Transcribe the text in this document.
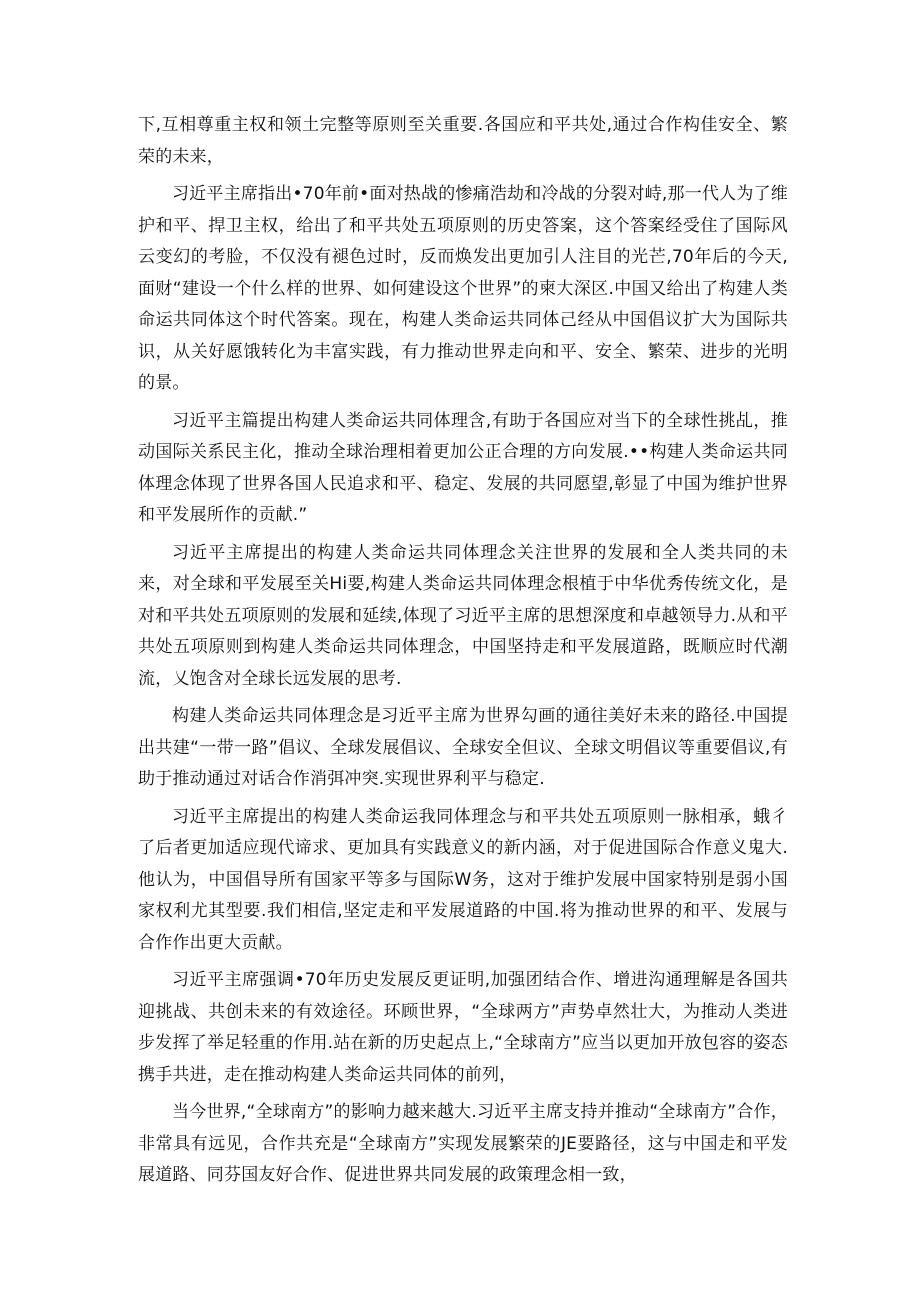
下,互相尊重主权和领土完整等原则至关重要.各国应和平共处,通过合作构佳安全、繁荣的未来，

习近平主席指出•70年前•面对热战的惨痛浩劫和冷战的分裂对峙,那一代人为了维护和平、捍卫主权，给出了和平共处五项原则的历史答案，这个答案经受住了国际风云变幻的考脸，不仅没有褪色过时，反而焕发出更加引人注目的光芒,70年后的今天,面财“建设一个什么样的世界、如何建设这个世界”的柬大深区.中国又给出了构建人类命运共同体这个时代答案。现在，构建人类命运共同体己经从中国倡议扩大为国际共识，从关好愿饿转化为丰富实践，有力推动世界走向和平、安全、繁荣、进步的光明的景。

习近平主篇提出构建人类命运共同体理含,有助于各国应对当下的全球性挑乩，推动国际关系民主化，推动全球治理相着更加公正合理的方向发展.••构建人类命运共同体理念体现了世界各国人民追求和平、稳定、发展的共同愿望,彰显了中国为维护世界和平发展所作的贡献.”

习近平主席提出的构建人类命运共同体理念关注世界的发展和全人类共同的未来，对全球和平发展至关Hi要,构建人类命运共同体理念根植于中华优秀传统文化，是对和平共处五项原则的发展和延续,体现了习近平主席的思想深度和卓越领导力.从和平共处五项原则到构建人类命运共同体理念，中国坚持走和平发展道路，既顺应时代潮流，乂饱含对全球长远发展的思考.

构建人类命运共同体理念是习近平主席为世界勾画的通往美好未来的路径.中国提出共建“一带一路”倡议、全球发展倡议、全球安全但议、全球文明倡议等重要倡议,有助于推动通过对话合作消弭冲突.实现世界利平与稳定.

习近平主席提出的构建人类命运我同体理念与和平共处五项原则一脉相承，蛾彳了后者更加适应现代谛求、更加具有实践意义的新内涵，对于促进国际合作意义鬼大.他认为，中国倡导所有国家平等多与国际W务，这对于维护发展中国家特别是弱小国家权利尤其型要.我们相信,坚定走和平发展道路的中国.将为推动世界的和平、发展与合作作出更大贡献。

习近平主席强调•70年历史发展反更证明,加强团结合作、增进沟通理解是各国共迎挑战、共创未来的有效途径。环顾世界，“全球两方”声势卓然壮大，为推动人类进步发挥了举足轻重的作用.站在新的历史起点上,“全球南方”应当以更加开放包容的姿态携手共进，走在推动构建人类命运共同体的前列，

当今世界,“全球南方”的影响力越来越大.习近平主席支持并推动“全球南方”合作，非常具有远见，合作共充是“全球南方”实现发展繁荣的JE要路径，这与中国走和平发展道路、同芬国友好合作、促进世界共同发展的政策理念相一致，
